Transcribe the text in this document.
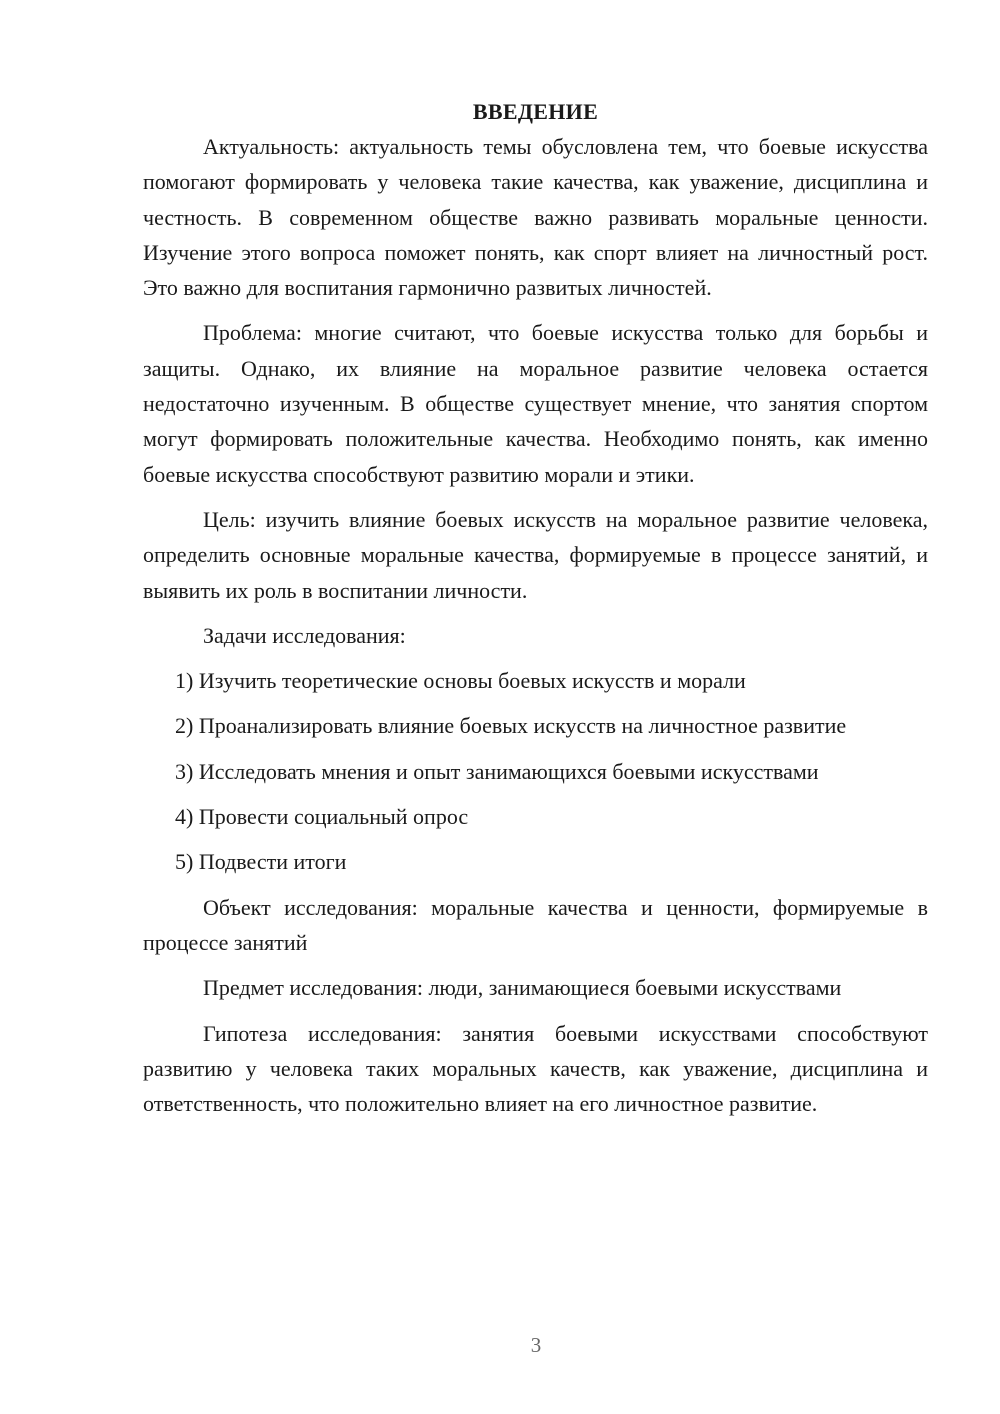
ВВЕДЕНИЕ

Актуальность: актуальность темы обусловлена тем, что боевые искусства помогают формировать у человека такие качества, как уважение, дисциплина и честность. В современном обществе важно развивать моральные ценности. Изучение этого вопроса поможет понять, как спорт влияет на личностный рост. Это важно для воспитания гармонично развитых личностей.

Проблема: многие считают, что боевые искусства только для борьбы и защиты. Однако, их влияние на моральное развитие человека остается недостаточно изученным. В обществе существует мнение, что занятия спортом могут формировать положительные качества. Необходимо понять, как именно боевые искусства способствуют развитию морали и этики.

Цель: изучить влияние боевых искусств на моральное развитие человека, определить основные моральные качества, формируемые в процессе занятий, и выявить их роль в воспитании личности.

Задачи исследования:

1) Изучить теоретические основы боевых искусств и морали

2) Проанализировать влияние боевых искусств на личностное развитие

3) Исследовать мнения и опыт занимающихся боевыми искусствами

4) Провести социальный опрос

5) Подвести итоги

Объект исследования: моральные качества и ценности, формируемые в процессе занятий

Предмет исследования: люди, занимающиеся боевыми искусствами

Гипотеза исследования: занятия боевыми искусствами способствуют развитию у человека таких моральных качеств, как уважение, дисциплина и ответственность, что положительно влияет на его личностное развитие.

3
